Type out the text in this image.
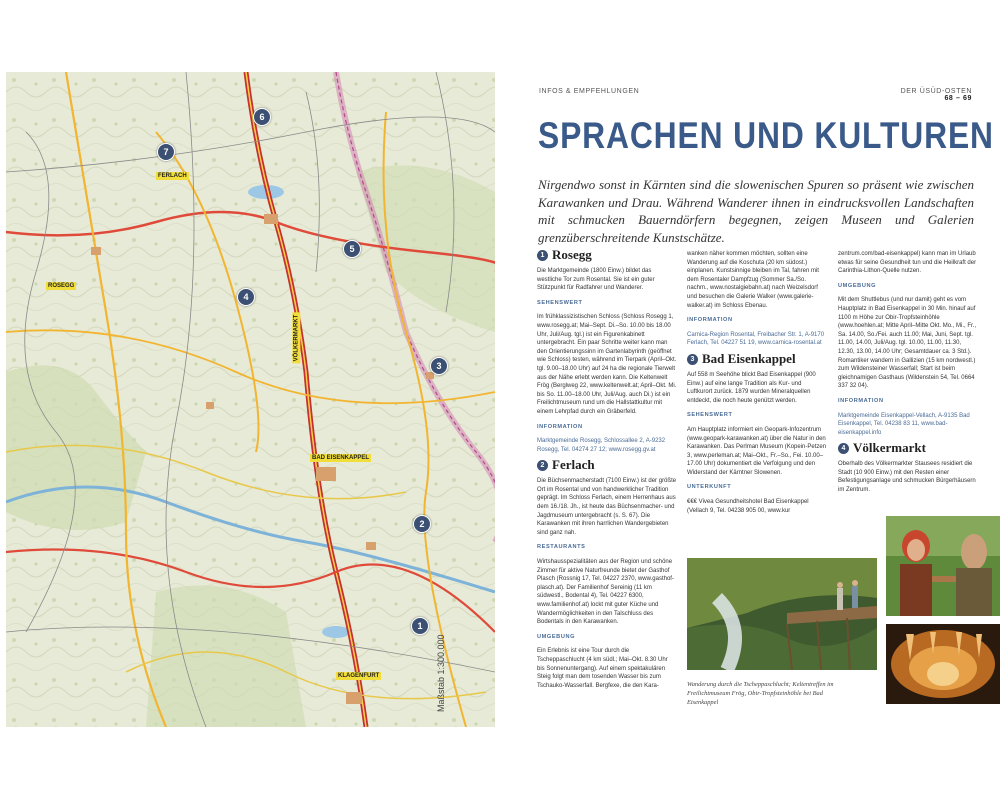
VÖLKERMARKT
BAD EISENKAPPEL
FERLACH
ROSEGG
KLAGENFURT
1
2
3
4
5
6
7
Maßstab 1:300.000
INFOS & EMPFEHLUNGEN	DER ÜSÜD-OSTEN
68 – 69
SPRACHEN UND KULTUREN
Nirgendwo sonst in Kärnten sind die slowenischen Spuren so präsent wie zwischen Karawanken und Drau. Während Wanderer ihnen in eindrucksvollen Landschaften mit schmucken Bauerndörfern begegnen, zeigen Museen und Galerien grenzüberschreitende Kunstschätze.
1 Rosegg

Die Marktgemeinde (1800 Einw.) bildet das westliche Tor zum Rosental. Sie ist ein guter Stützpunkt für Radfahrer und Wanderer.

SEHENSWERT

Im frühklassizistischen Schloss (Schloss Rosegg 1, www.rosegg.at; Mai–Sept. Di.–So. 10.00 bis 18.00 Uhr, Juli/Aug. tgl.) ist ein Figurenkabinett untergebracht. Ein paar Schritte weiter kann man den Orientierungssinn im Gartenlabyrinth (geöffnet wie Schloss) testen, während im Tierpark (April–Okt. tgl. 9.00–18.00 Uhr) auf 24 ha die regionale Tierwelt aus der Nähe erlebt werden kann. Die Keltenwelt Frög (Berglweg 22, www.keltenwelt.at; April–Okt. Mi. bis So. 11.00–18.00 Uhr, Juli/Aug. auch Di.) ist ein Freilichtmuseum rund um die Hallstattkultur mit einem Lehrpfad durch ein Gräberfeld.

INFORMATION

Marktgemeinde Rosegg, Schlossallee 2, A-9232 Rosegg, Tel. 04274 27 12; www.rosegg.gv.at

2 Ferlach

Die Büchsenmacherstadt (7100 Einw.) ist der größte Ort im Rosental und von handwerklicher Tradition geprägt. Im Schloss Ferlach, einem Herrenhaus aus dem 16./18. Jh., ist heute das Büchsenmacher- und Jagdmuseum untergebracht (s. S. 67). Die Karawanken mit ihren harrlichen Wandergebieten sind ganz nah.

RESTAURANTS

Wirtshausspezialitäten aus der Region und schöne Zimmer für aktive Naturfreunde bietet der Gasthof Plasch (Rossnig 17, Tel. 04227 2370, www.gasthof-plasch.at). Der Familienhof Sereinig (11 km südwestl., Bodental 4), Tel. 04227 6300, www.familienhof.at) lockt mit guter Küche und Wandermöglichkeiten in den Talschluss des Bodentals in den Karawanken.

UMGEBUNG

Ein Erlebnis ist eine Tour durch die Tscheppaschlucht (4 km südl.; Mai–Okt. 8.30 Uhr bis Sonnenuntergang). Auf einem spektakulären Steig folgt man dem tosenden Wasser bis zum Tschauko-Wasserfall. Bergfexe, die den Kara-

wanken näher kommen möchten, sollten eine Wanderung auf die Koschuta (20 km südost.) einplanen. Kunstsinnige bleiben im Tal, fahren mit dem Rosentaler Dampfzug (Sommer Sa./So. nachm., www.nostalgiebahn.at) nach Weizelsdorf und besuchen die Galerie Walker (www.galerie-walker.at) im Schloss Ebenau.

INFORMATION

Carnica-Region Rosental, Freibacher Str. 1, A-9170 Ferlach, Tel. 04227 51 19, www.carnica-rosental.at

3 Bad Eisenkappel

Auf 558 m Seehöhe blickt Bad Eisenkappel (900 Einw.) auf eine lange Tradition als Kur- und Luftkurort zurück. 1879 wurden Mineralquellen entdeckt, die noch heute genützt werden.

SEHENSWERT

Am Hauptplatz informiert ein Geopark-Infozentrum (www.geopark-karawanken.at) über die Natur in den Karawanken. Das Perlman Museum (Kopein-Petzen 3, www.perleman.at; Mai–Okt., Fr.–So., Fei. 10.00–17.00 Uhr) dokumentiert die Verfolgung und den Widerstand der Kärntner Slowenen.

UNTERKUNFT

€€€ Vivea Gesundheitshotel Bad Eisenkappel (Vellach 9, Tel. 04238 905 00, www.kur

zentrum.com/bad-eisenkappel) kann man im Urlaub etwas für seine Gesundheit tun und die Heilkraft der Carinthia-Lithon-Quelle nutzen.

UMGEBUNG

Mit dem Shuttlebus (und nur damit) geht es vom Hauptplatz in Bad Eisenkappel in 30 Min. hinauf auf 1100 m Höhe zur Obir-Tropfsteinhöhle (www.hoehlen.at; Mitte April–Mitte Okt. Mo., Mi., Fr., Sa. 14.00, So./Fei. auch 11.00; Mai, Juni, Sept. tgl. 11.00, 14.00, Juli/Aug. tgl. 10.00, 11.00, 11.30, 12.30, 13.00, 14.00 Uhr; Gesamtdauer ca. 3 Std.). Romantiker wandern in Gallizien (15 km nordwestl.) zum Wildensteiner Wasserfall; Start ist beim gleichnamigen Gasthaus (Wildenstein 54, Tel. 0664 337 32 04).

INFORMATION

Marktgemeinde Eisenkappel-Vellach, A-9135 Bad Eisenkappel, Tel. 04238 83 11, www.bad-eisenkappel.info

4 Völkermarkt

Oberhalb des Völkermarkter Stausees residiert die Stadt (10 900 Einw.) mit den Resten einer Befestigungsanlage und schmucken Bürgerhäusern im Zentrum.

Wanderung durch die Tscheppaschlucht; Keltentreffen im Freilichtmuseum Frög, Obir-Tropfsteinhöhle bei Bad Eisenkappel
